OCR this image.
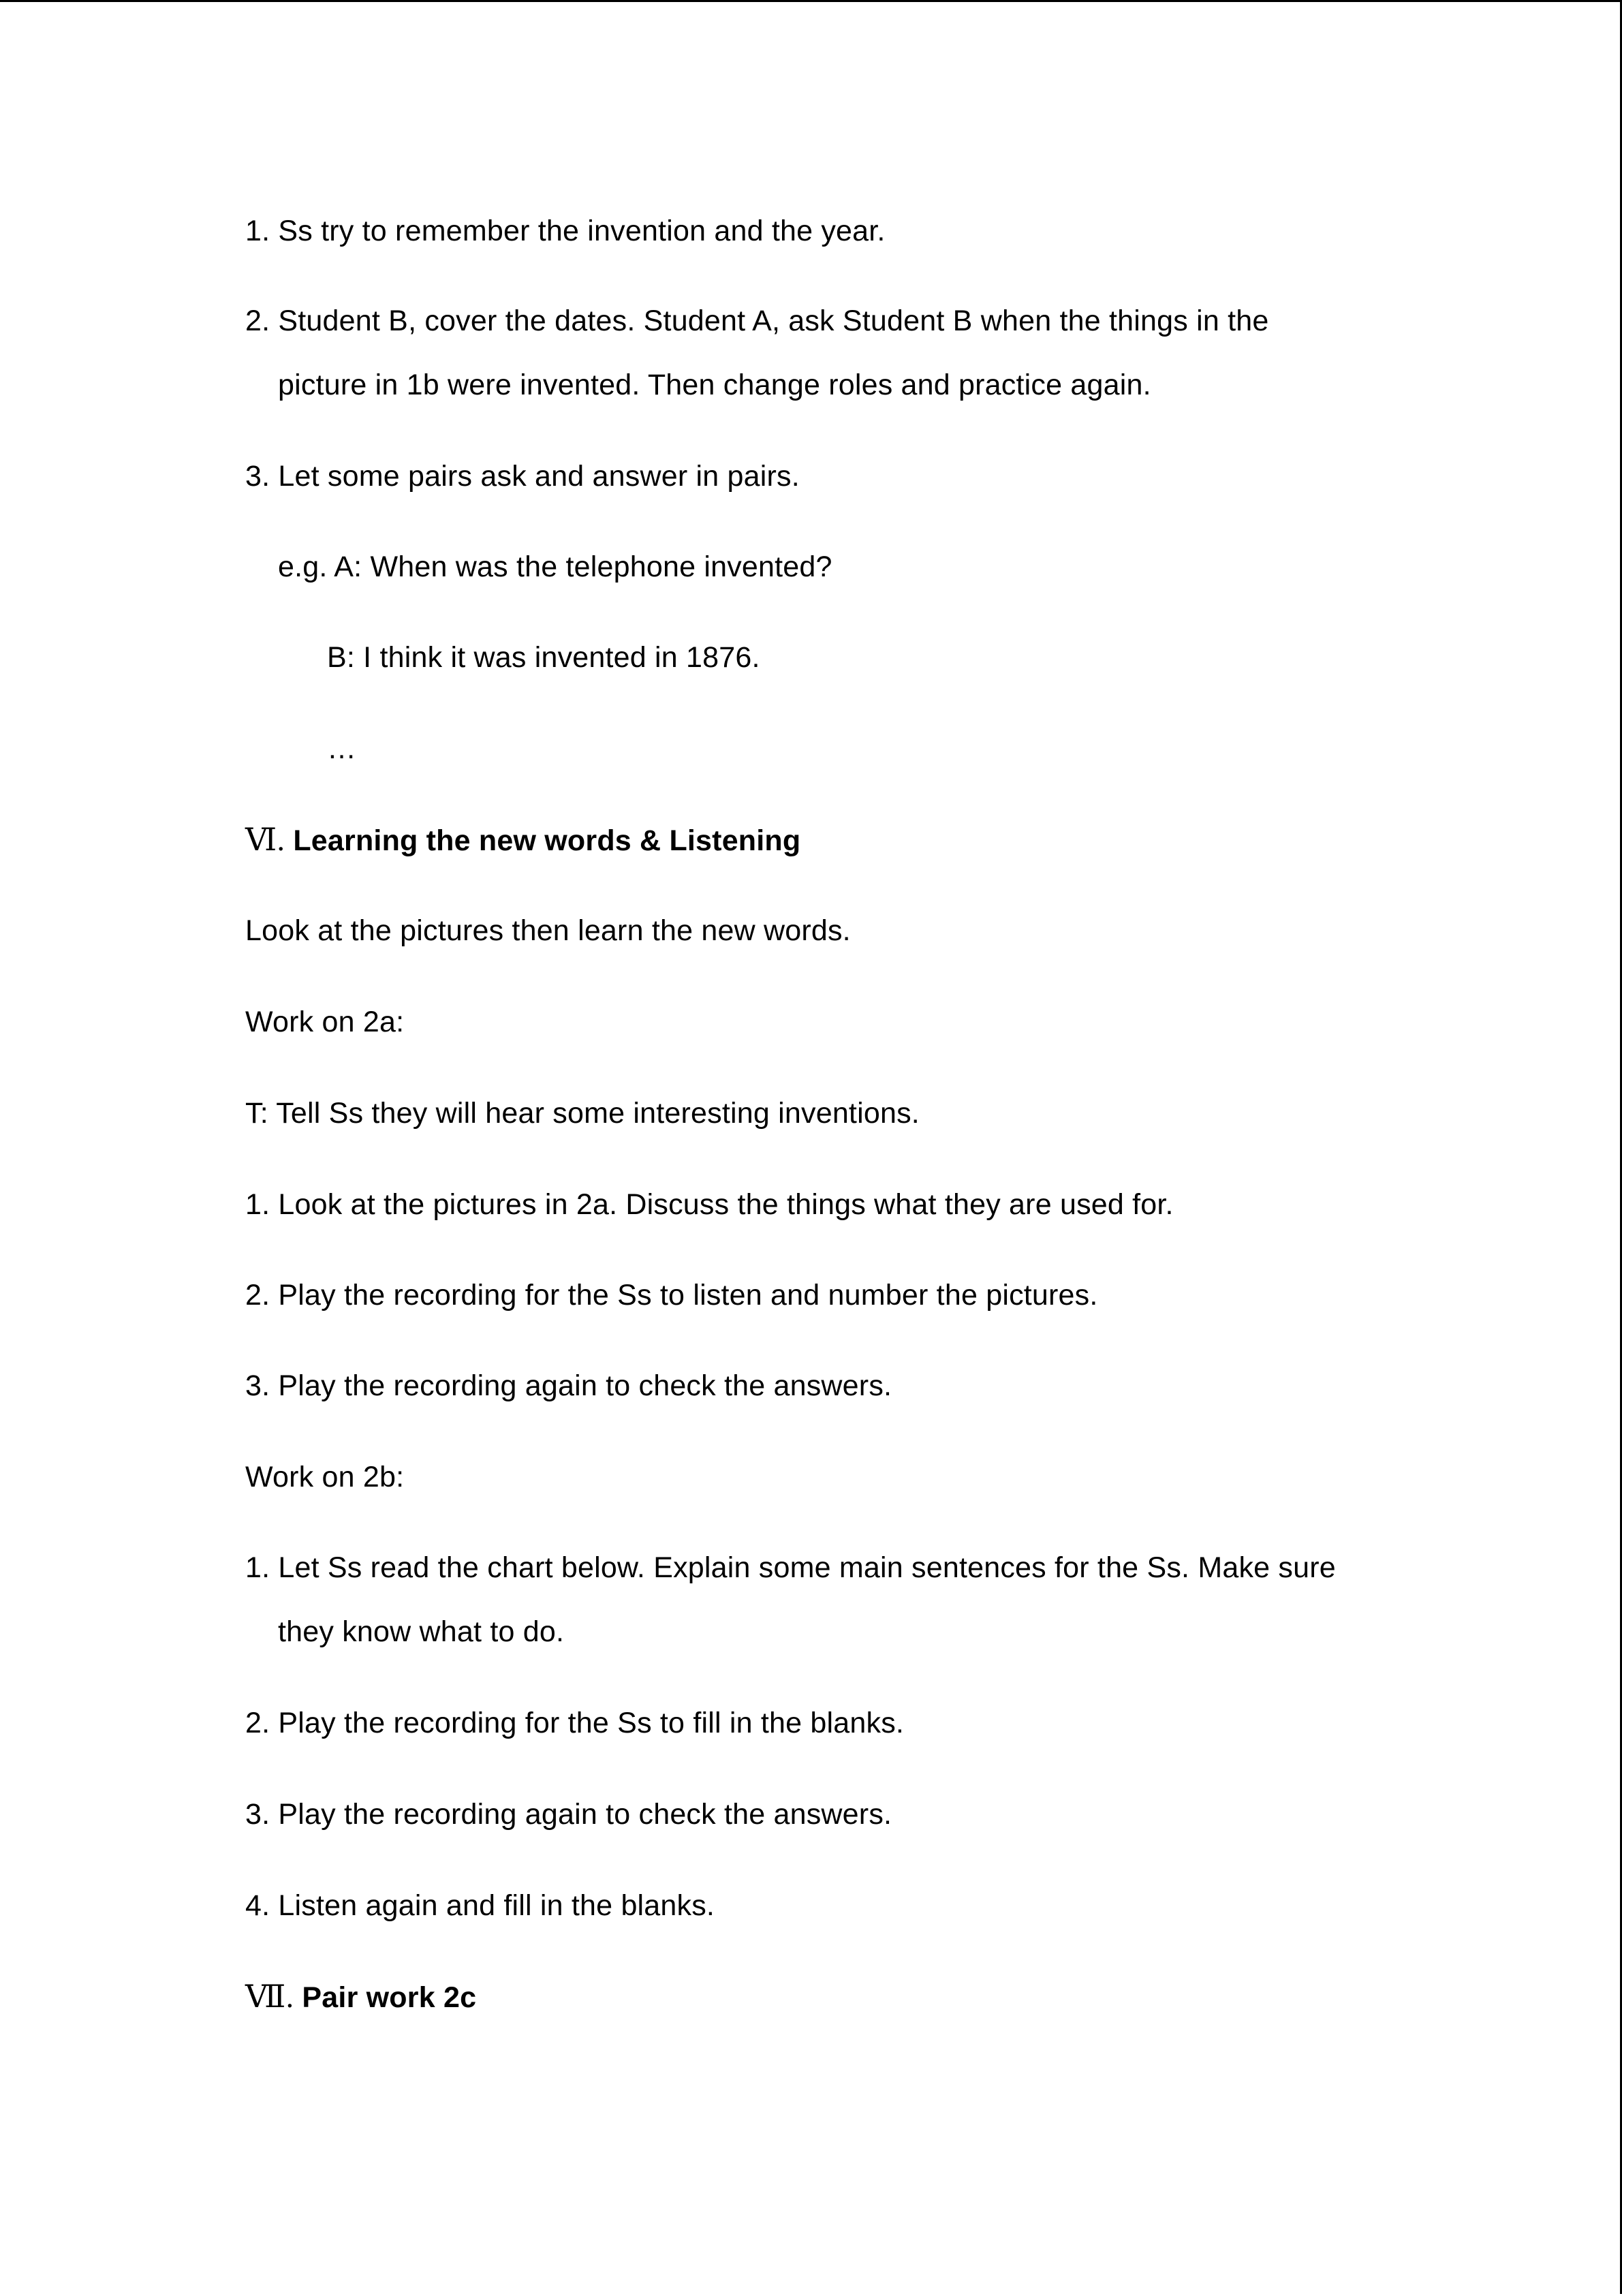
1. Ss try to remember the invention and the year.
2. Student B, cover the dates. Student A, ask Student B when the things in the
picture in 1b were invented. Then change roles and practice again.
3. Let some pairs ask and answer in pairs.
e.g. A: When was the telephone invented?
B: I think it was invented in 1876.
…
Ⅵ. Learning the new words & Listening
Look at the pictures then learn the new words.
Work on 2a:
T: Tell Ss they will hear some interesting inventions.
1. Look at the pictures in 2a. Discuss the things what they are used for.
2. Play the recording for the Ss to listen and number the pictures.
3. Play the recording again to check the answers.
Work on 2b:
1. Let Ss read the chart below. Explain some main sentences for the Ss. Make sure
they know what to do.
2. Play the recording for the Ss to fill in the blanks.
3. Play the recording again to check the answers.
4. Listen again and fill in the blanks.
Ⅶ. Pair work 2c
